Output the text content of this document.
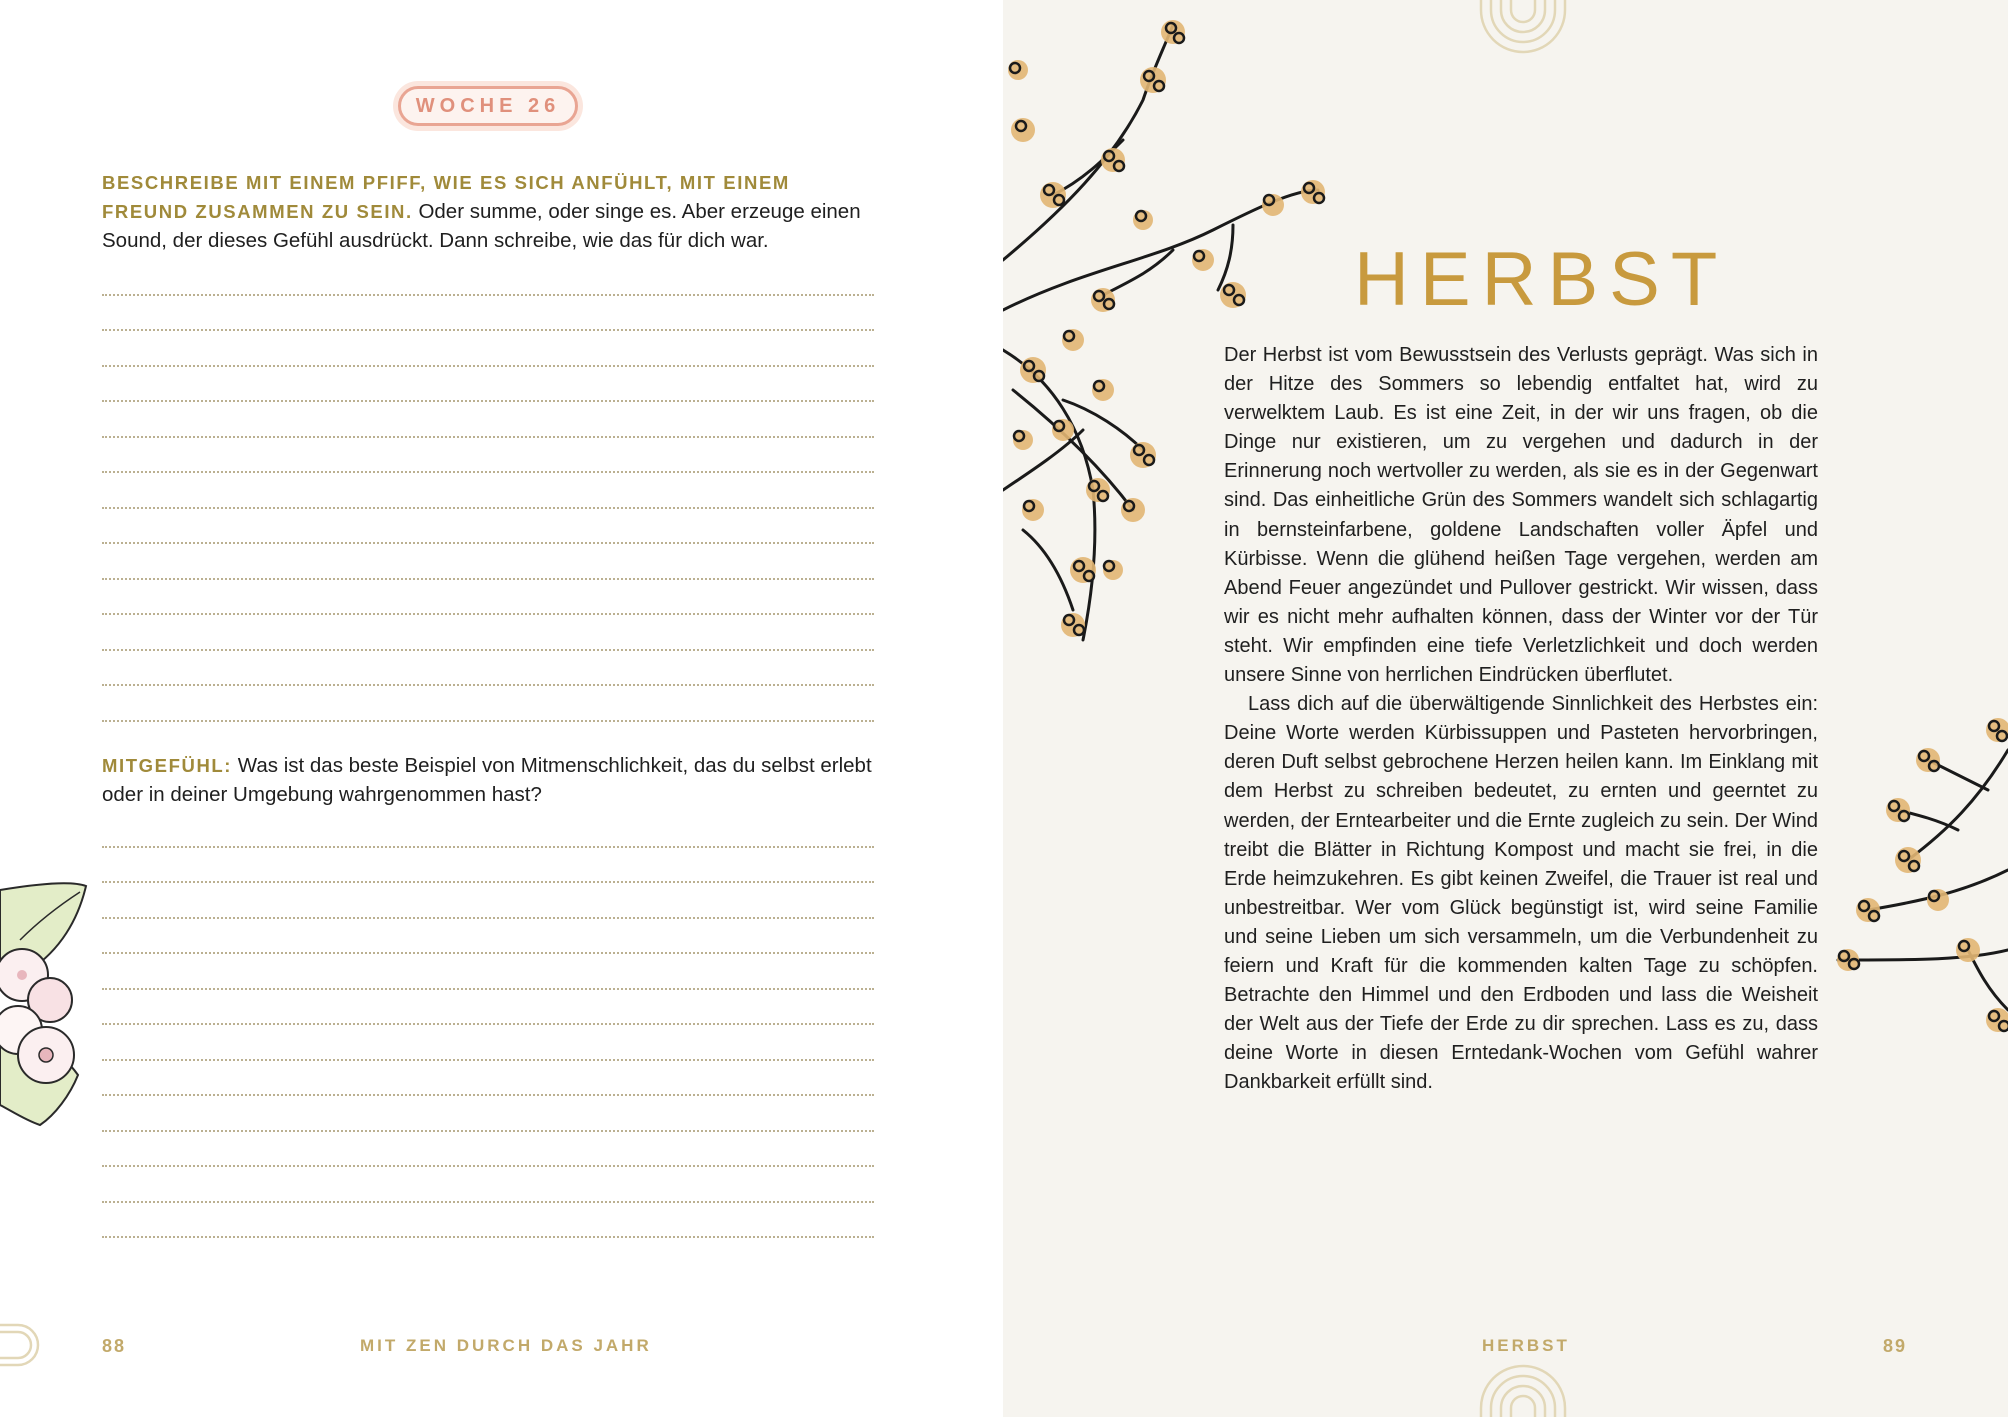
WOCHE 26
BESCHREIBE MIT EINEM PFIFF, WIE ES SICH ANFÜHLT, MIT EINEM FREUND ZUSAMMEN ZU SEIN. Oder summe, oder singe es. Aber erzeuge einen Sound, der dieses Gefühl ausdrückt. Dann schreibe, wie das für dich war.
MITGEFÜHL: Was ist das beste Beispiel von Mitmenschlichkeit, das du selbst erlebt oder in deiner Umgebung wahrgenommen hast?
88	MIT ZEN DURCH DAS JAHR	HERBST	89
HERBST

Der Herbst ist vom Bewusstsein des Verlusts geprägt. Was sich in der Hitze des Sommers so lebendig entfaltet hat, wird zu verwelktem Laub. Es ist eine Zeit, in der wir uns fragen, ob die Dinge nur existieren, um zu vergehen und dadurch in der Erinnerung noch wertvoller zu werden, als sie es in der Gegenwart sind. Das einheitliche Grün des Sommers wandelt sich schlagartig in bernsteinfarbene, goldene Landschaften voller Äpfel und Kürbisse. Wenn die glühend heißen Tage vergehen, werden am Abend Feuer angezündet und Pullover gestrickt. Wir wissen, dass wir es nicht mehr aufhalten können, dass der Winter vor der Tür steht. Wir empfinden eine tiefe Verletzlichkeit und doch werden unsere Sinne von herrlichen Eindrücken überflutet.

Lass dich auf die überwältigende Sinnlichkeit des Herbstes ein: Deine Worte werden Kürbissuppen und Pasteten hervorbringen, deren Duft selbst gebrochene Herzen heilen kann. Im Einklang mit dem Herbst zu schreiben bedeutet, zu ernten und geerntet zu werden, der Erntearbeiter und die Ernte zugleich zu sein. Der Wind treibt die Blätter in Richtung Kompost und macht sie frei, in die Erde heimzukehren. Es gibt keinen Zweifel, die Trauer ist real und unbestreitbar. Wer vom Glück begünstigt ist, wird seine Familie und seine Lieben um sich versammeln, um die Verbundenheit zu feiern und Kraft für die kommenden kalten Tage zu schöpfen. Betrachte den Himmel und den Erdboden und lass die Weisheit der Welt aus der Tiefe der Erde zu dir sprechen. Lass es zu, dass deine Worte in diesen Erntedank-Wochen vom Gefühl wahrer Dankbarkeit erfüllt sind.
